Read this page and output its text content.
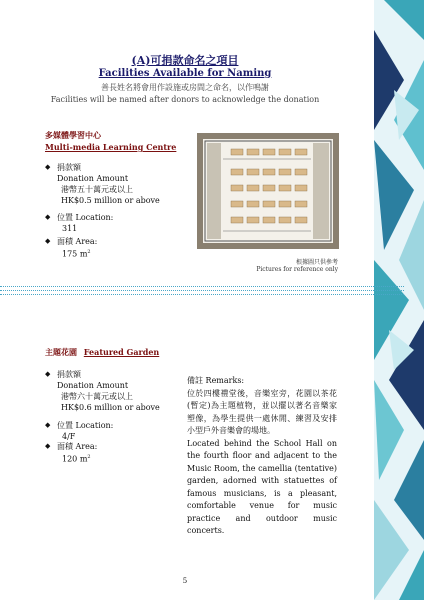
(A)可捐款命名之項目
Facilities Available for Naming
善長姓名將會用作設施或房間之命名，以作鳴謝
Facilities will be named after donors to acknowledge the donation
多媒體學習中心
Multi-media Learning Centre
◆ 捐款額
Donation Amount
港幣五十萬元或以上
HK$0.5 million or above
◆ 位置 Location:
311
◆ 面積 Area:
175 $m^2$
根據圖只供參考
Pictures for reference only
主題花園 Featured Garden
◆ 捐款額
Donation Amount
港幣六十萬元或以上
HK$0.6 million or above
◆ 位置 Location:
4/F
◆ 面積 Area:
120 $m^2$
備註 Remarks:
位於四樓禮堂後，音樂室旁，花園以茶花(暫定)為主題植物，並以擺以著名音樂家塑像，為學生提供一處休閒、練習及安排小型戶外音樂會的場地。
Located behind the School Hall on the fourth floor and adjacent to the Music Room, the camellia (tentative) garden, adorned with statuettes of famous musicians, is a pleasant, comfortable venue for music practice and outdoor music concerts.
5
